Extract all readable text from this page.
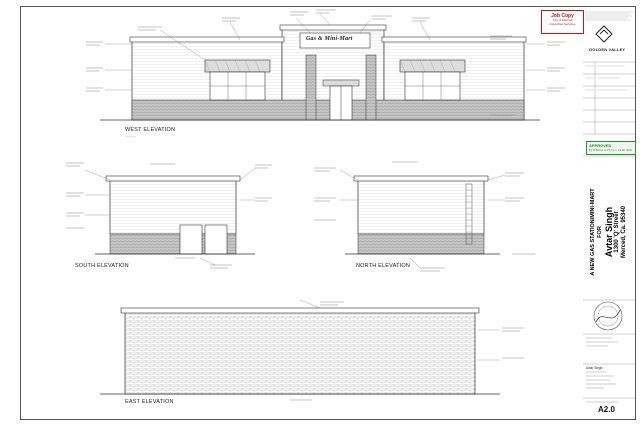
Gas & Mini-Mart
WEST ELEVATION
— — —
SOUTH ELEVATION	NORTH ELEVATION
EAST ELEVATION
Job Copy
City of Merced
Inspection Services
GOLDEN VALLEY
APPROVED
By D. Brown at 2:17 pm, Jul 08, 2020
A NEW GAS STATION/MINI-MART FOR Avtar Singh 1300 'Q' Street Merced, Ca. 95340
Avtar Singh
A2.0
